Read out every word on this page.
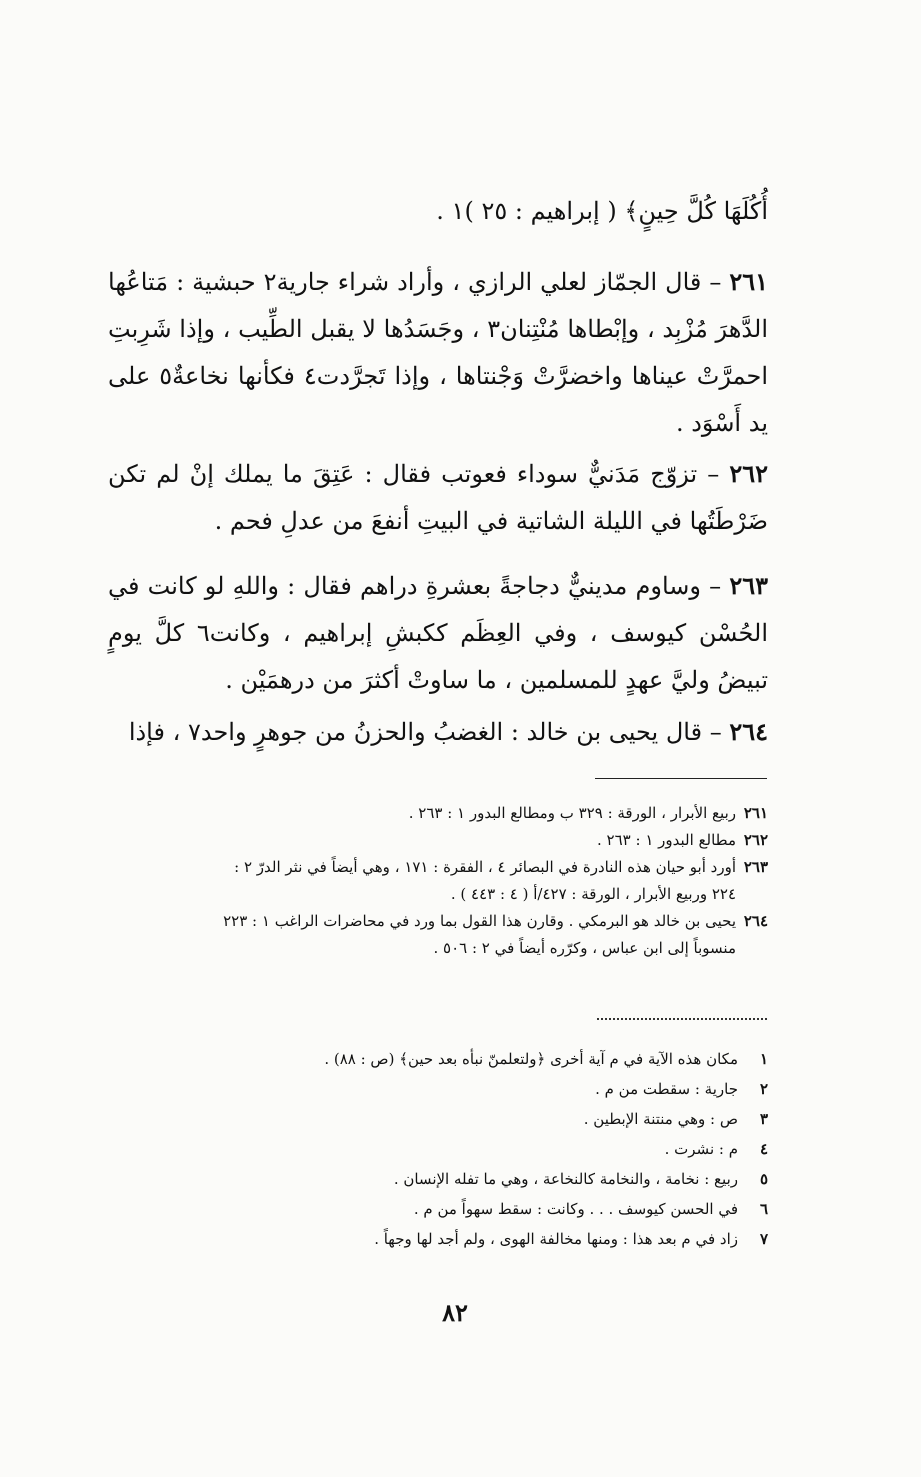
أُكُلَهَا كُلَّ حِينٍ﴾ ( إبراهيم : ٢٥ )١ .

٢٦١ – قال الجمّاز لعلي الرازي ، وأراد شراء جارية٢ حبشية : مَتاعُها الدَّهرَ مُزْبِد ، وإبْطاها مُنْتِنان٣ ، وجَسَدُها لا يقبل الطِّيب ، وإذا شَرِبتِ احمرَّتْ عيناها واخضرَّتْ وَجْنتاها ، وإذا تَجرَّدت٤ فكأنها نخاعةٌ٥ على يد أَسْوَد .

٢٦٢ – تزوّج مَدَنيٌّ سوداء فعوتب فقال : عَتِقَ ما يملك إنْ لم تكن ضَرْطَتُها في الليلة الشاتية في البيتِ أنفعَ من عدلِ فحم .

٢٦٣ – وساوم مدينيٌّ دجاجةً بعشرةِ دراهم فقال : واللهِ لو كانت في الحُسْن كيوسف ، وفي العِظَم ككبشِ إبراهيم ، وكانت٦ كلَّ يومٍ تبيضُ وليَّ عهدٍ للمسلمين ، ما ساوتْ أكثرَ من درهمَيْن .

٢٦٤ – قال يحيى بن خالد : الغضبُ والحزنُ من جوهرٍ واحد٧ ، فإذا

٢٦١
ربيع الأبرار ، الورقة : ٣٢٩ ب ومطالع البدور ١ : ٢٦٣ .
٢٦٢
مطالع البدور ١ : ٢٦٣ .
٢٦٣
أورد أبو حيان هذه النادرة في البصائر ٤ ، الفقرة : ١٧١ ، وهي أيضاً في نثر الدرّ ٢ :
٢٢٤ وربيع الأبرار ، الورقة : ٤٢٧/أ ( ٤ : ٤٤٣ ) .
٢٦٤
يحيى بن خالد هو البرمكي . وقارن هذا القول بما ورد في محاضرات الراغب ١ : ٢٢٣
منسوباً إلى ابن عباس ، وكرّره أيضاً في ٢ : ٥٠٦ .
١
مكان هذه الآية في م آية أخرى ﴿ولتعلمنّ نبأه بعد حين﴾ (ص : ٨٨) .
٢
جارية : سقطت من م .
٣
ص : وهي منتنة الإبطين .
٤
م : نشرت .
٥
ربيع : نخامة ، والنخامة كالنخاعة ، وهي ما تفله الإنسان .
٦
في الحسن كيوسف . . . وكانت : سقط سهواً من م .
٧
زاد في م بعد هذا : ومنها مخالفة الهوى ، ولم أجد لها وجهاً .
٨٢
